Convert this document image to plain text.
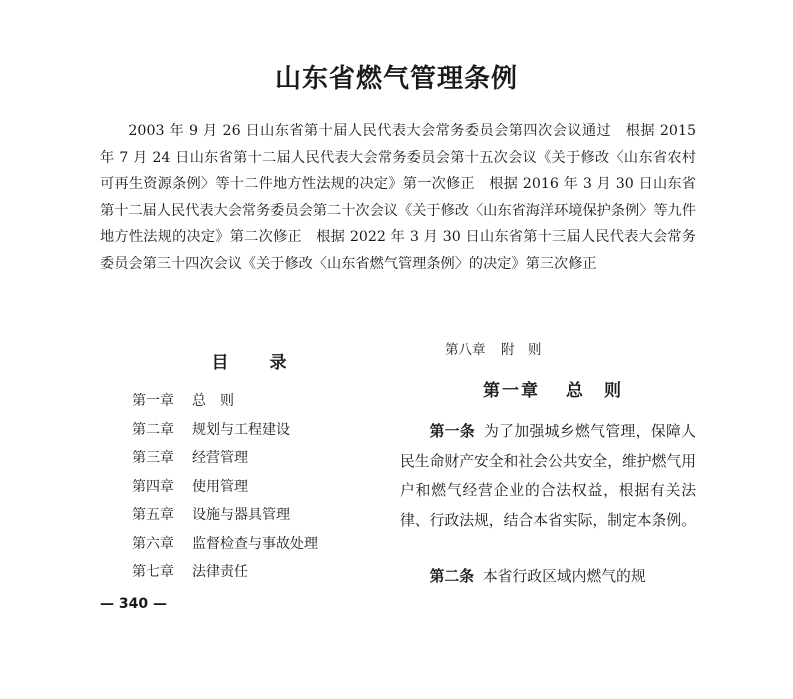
山东省燃气管理条例

2003 年 9 月 26 日山东省第十届人民代表大会常务委员会第四次会议通过　根据 2015 年 7 月 24 日山东省第十二届人民代表大会常务委员会第十五次会议《关于修改〈山东省农村可再生资源条例〉等十二件地方性法规的决定》第一次修正　根据 2016 年 3 月 30 日山东省第十二届人民代表大会常务委员会第二十次会议《关于修改〈山东省海洋环境保护条例〉等九件地方性法规的决定》第二次修正　根据 2022 年 3 月 30 日山东省第十三届人民代表大会常务委员会第三十四次会议《关于修改〈山东省燃气管理条例〉的决定》第三次修正

目　录
第一章 总　则
第二章 规划与工程建设
第三章 经营管理
第四章 使用管理
第五章 设施与器具管理
第六章 监督检查与事故处理
第七章 法律责任
— 340 —
第八章 附　则
第一章 总　则

第一条 为了加强城乡燃气管理，保障人民生命财产安全和社会公共安全，维护燃气用户和燃气经营企业的合法权益，根据有关法律、行政法规，结合本省实际，制定本条例。

第二条 本省行政区域内燃气的规
